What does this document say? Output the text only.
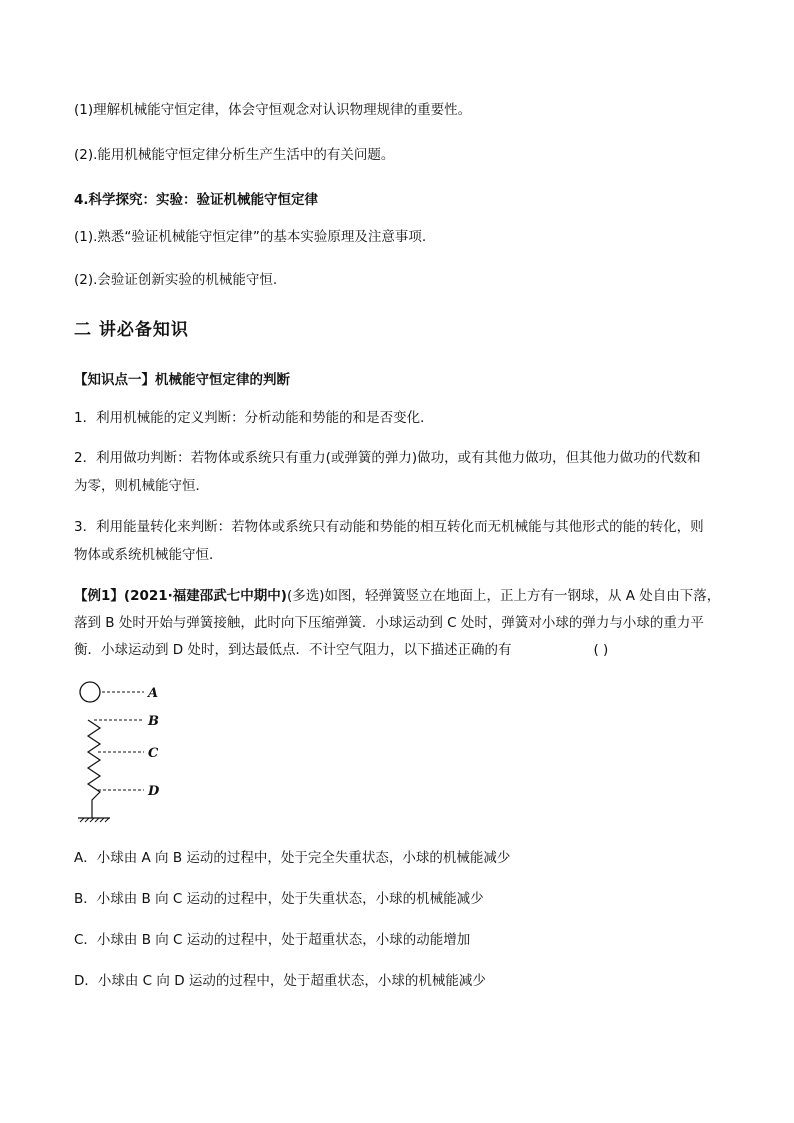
(1)理解机械能守恒定律，体会守恒观念对认识物理规律的重要性。
(2).能用机械能守恒定律分析生产生活中的有关问题。
4.科学探究：实验：验证机械能守恒定律
(1).熟悉“验证机械能守恒定律”的基本实验原理及注意事项.
(2).会验证创新实验的机械能守恒.
二 讲必备知识
【知识点一】机械能守恒定律的判断
1．利用机械能的定义判断：分析动能和势能的和是否变化．
2．利用做功判断：若物体或系统只有重力(或弹簧的弹力)做功，或有其他力做功，但其他力做功的代数和
为零，则机械能守恒．
3．利用能量转化来判断：若物体或系统只有动能和势能的相互转化而无机械能与其他形式的能的转化，则
物体或系统机械能守恒．
【例1】(2021·福建邵武七中期中)(多选)如图，轻弹簧竖立在地面上，正上方有一钢球，从 A 处自由下落，
落到 B 处时开始与弹簧接触，此时向下压缩弹簧．小球运动到 C 处时，弹簧对小球的弹力与小球的重力平
衡．小球运动到 D 处时，到达最低点．不计空气阻力，以下描述正确的有	( )
A
B
C
D
A．小球由 A 向 B 运动的过程中，处于完全失重状态，小球的机械能减少
B．小球由 B 向 C 运动的过程中，处于失重状态，小球的机械能减少
C．小球由 B 向 C 运动的过程中，处于超重状态，小球的动能增加
D．小球由 C 向 D 运动的过程中，处于超重状态，小球的机械能减少
